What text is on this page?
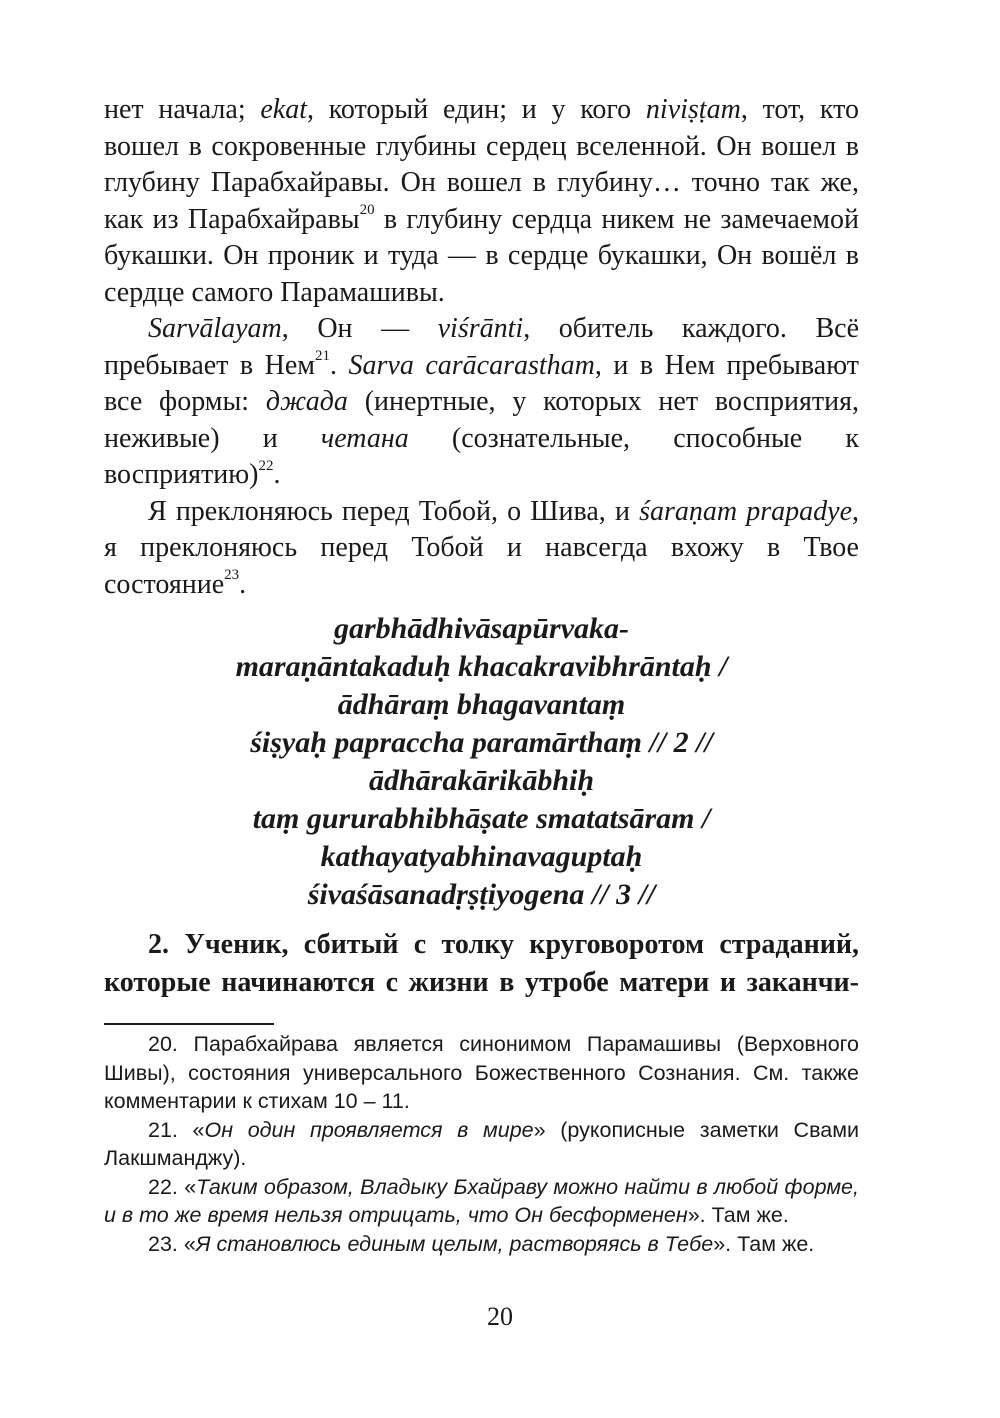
нет начала; ekat, который един; и у кого niviṣṭam, тот, кто вошел в сокровенные глубины сердец вселенной. Он вошел в глубину Парабхайравы. Он вошел в глубину… точно так же, как из Парабхайравы$^{20}$ в глубину сердца никем не замечаемой букашки. Он проник и туда — в сердце букашки, Он вошёл в сердце самого Парамашивы.

Sarvālayam, Он — viśrānti, обитель каждого. Всё пребывает в Нем$^{21}$. Sarva carācarastham, и в Нем пребывают все формы: джада (инертные, у которых нет восприятия, неживые) и четана (сознательные, способные к восприятию)$^{22}$.

Я преклоняюсь перед Тобой, о Шива, и śaraṇam prapadye, я преклоняюсь перед Тобой и навсегда вхожу в Твое состояние$^{23}$.

garbhādhivāsapūrvaka-
maraṇāntakaduḥ khacakravibhrāntaḥ /
ādhāraṃ bhagavantaṃ
śiṣyaḥ papraccha paramārthaṃ // 2 //
ādhārakārikābhiḥ
taṃ gururabhibhāṣate smatatsāram /
kathayatyabhinavaguptaḥ
śivaśāsanadṛṣṭiyogena // 3 //
2. Ученик, сбитый с толку круговоротом страданий, которые начинаются с жизни в утробе матери и заканчи-

20. Парабхайрава является синонимом Парамашивы (Верховного Шивы), состояния универсального Божественного Сознания. См. также комментарии к стихам 10 – 11.

21. «Он один проявляется в мире» (рукописные заметки Свами Лакшманджу).

22. «Таким образом, Владыку Бхайраву можно найти в любой форме, и в то же время нельзя отрицать, что Он бесформенен». Там же.

23. «Я становлюсь единым целым, растворяясь в Тебе». Там же.

20
